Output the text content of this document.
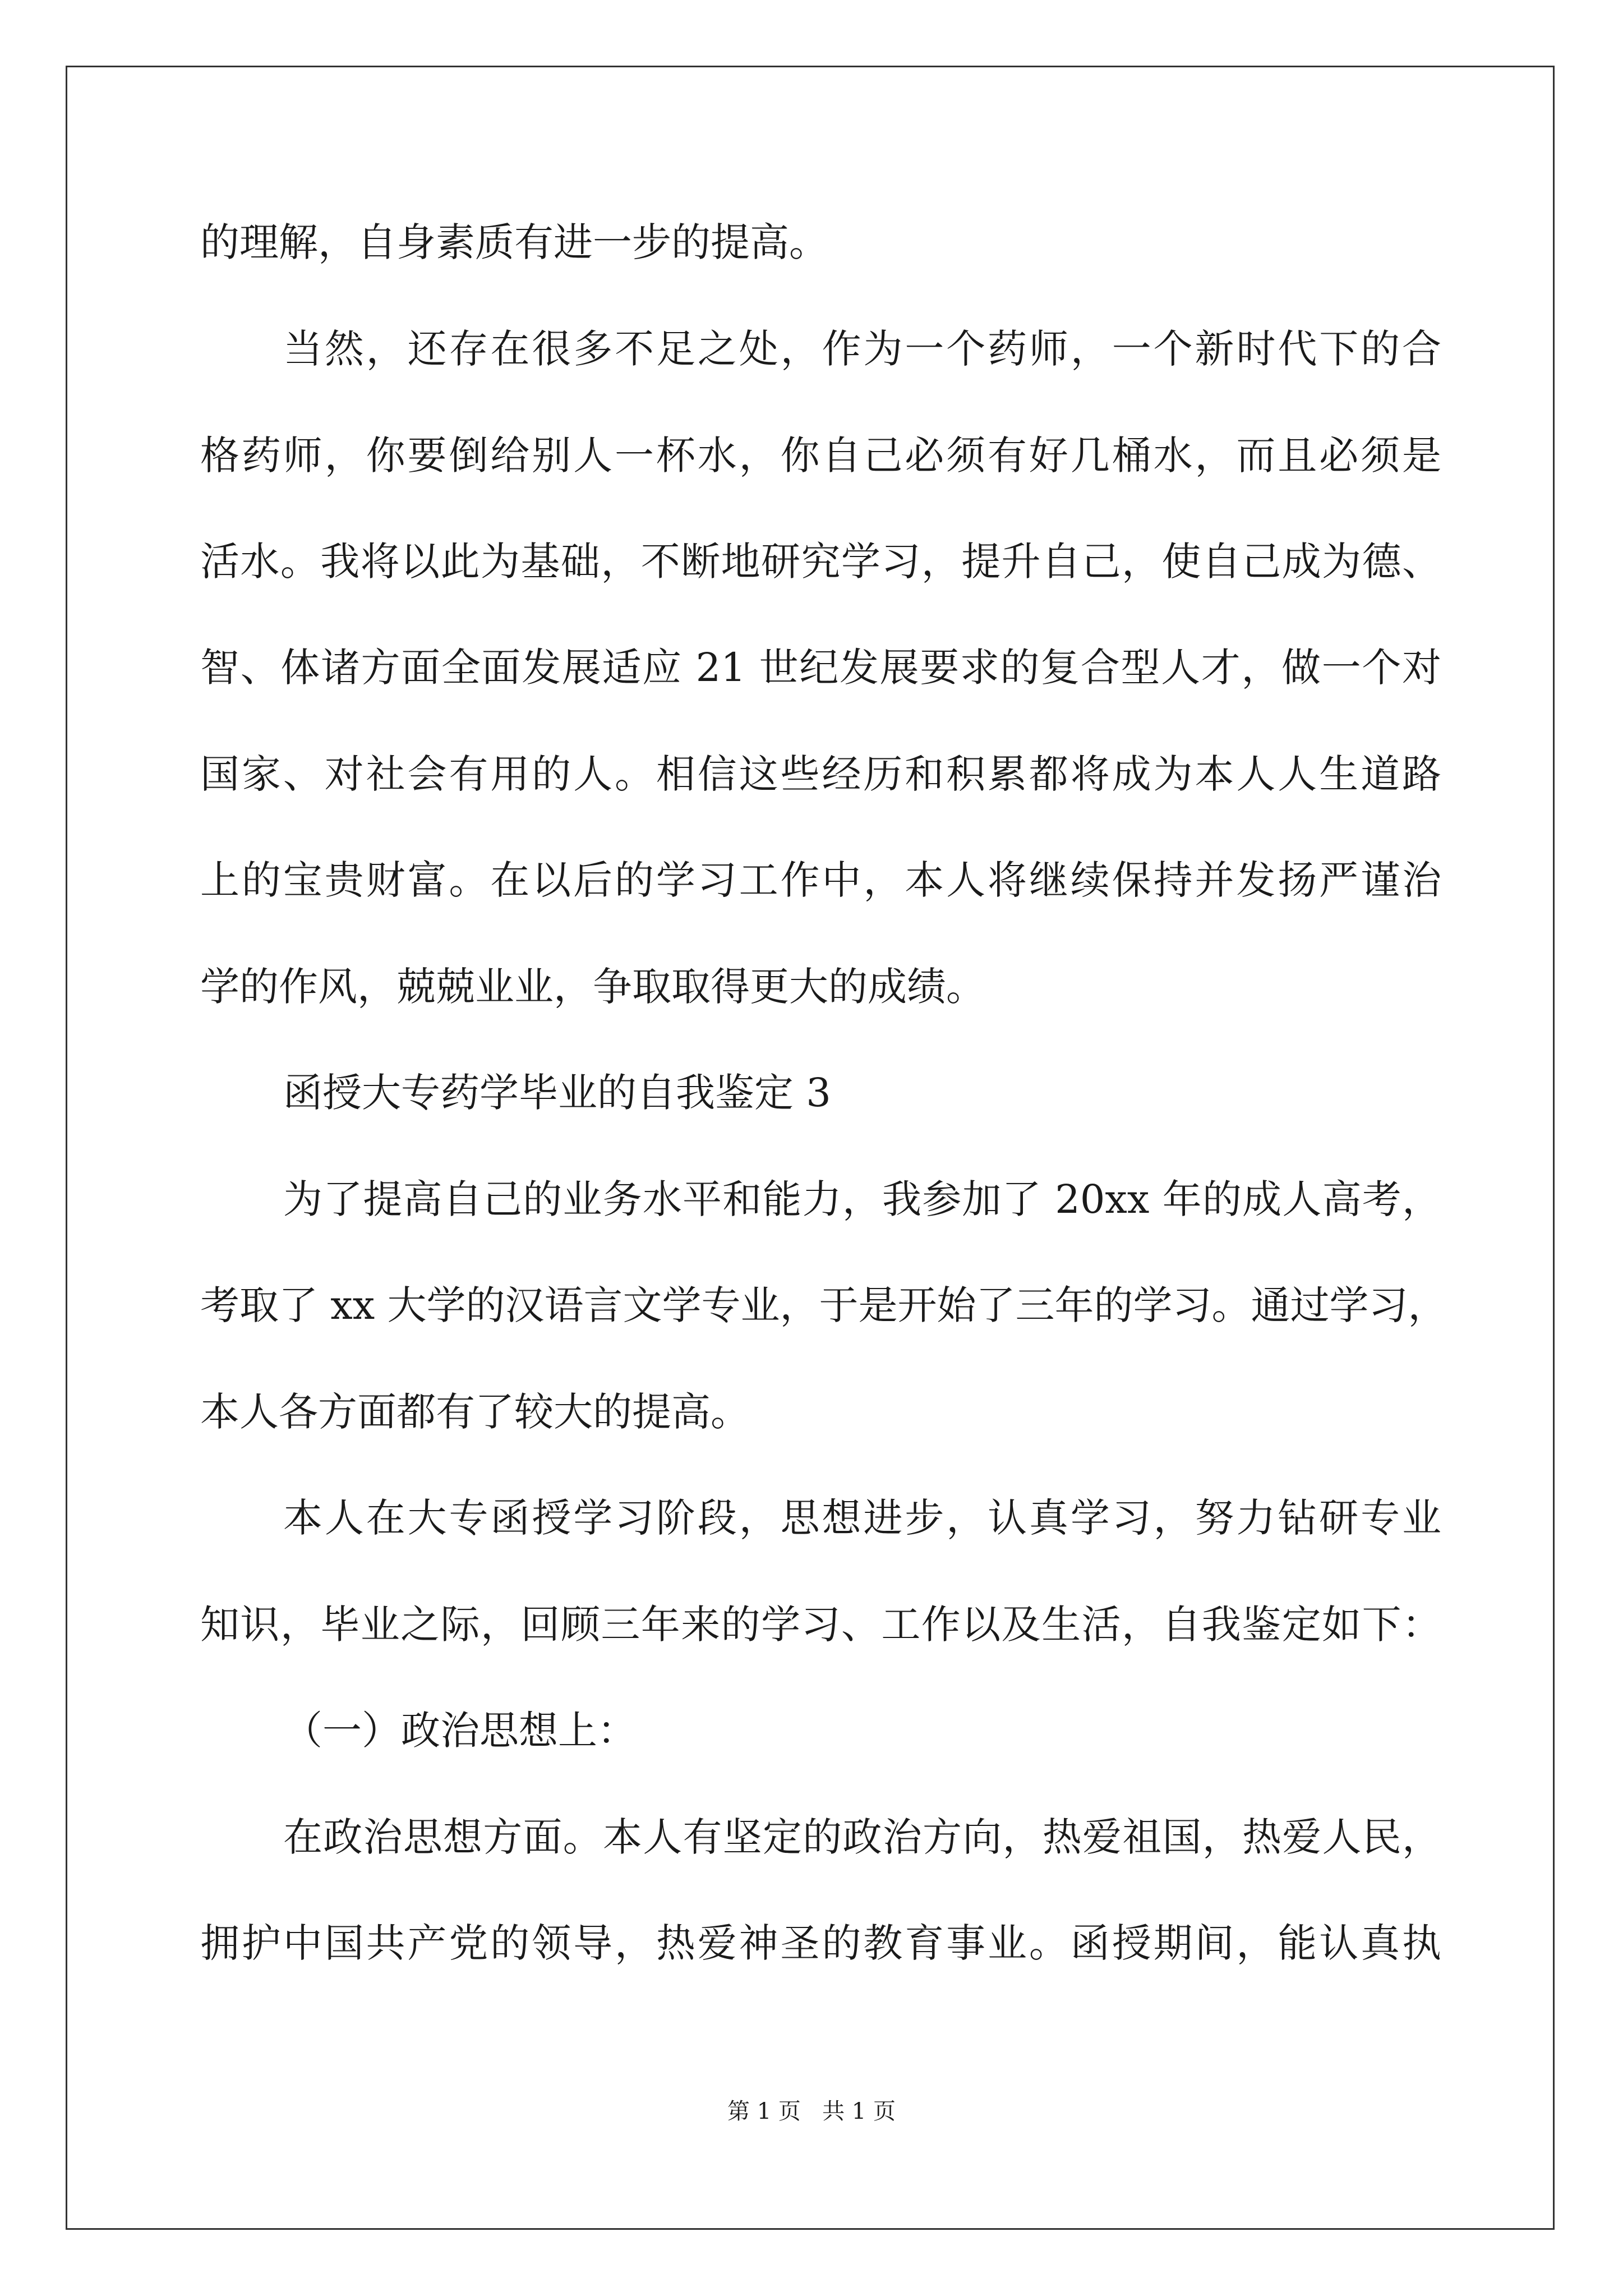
的理解，自身素质有进一步的提高。
当然，还存在很多不足之处，作为一个药师，一个新时代下的合
格药师，你要倒给别人一杯水，你自己必须有好几桶水，而且必须是
活水。我将以此为基础，不断地研究学习，提升自己，使自己成为德、
智、体诸方面全面发展适应 21 世纪发展要求的复合型人才，做一个对
国家、对社会有用的人。相信这些经历和积累都将成为本人人生道路
上的宝贵财富。在以后的学习工作中，本人将继续保持并发扬严谨治
学的作风，兢兢业业，争取取得更大的成绩。
函授大专药学毕业的自我鉴定 3
为了提高自己的业务水平和能力，我参加了 20xx 年的成人高考，
考取了 xx 大学的汉语言文学专业，于是开始了三年的学习。通过学习，
本人各方面都有了较大的提高。
本人在大专函授学习阶段，思想进步，认真学习，努力钻研专业
知识，毕业之际，回顾三年来的学习、工作以及生活，自我鉴定如下：
（一）政治思想上：
在政治思想方面。本人有坚定的政治方向，热爱祖国，热爱人民，
拥护中国共产党的领导，热爱神圣的教育事业。函授期间，能认真执
第 1 页   共 1 页
